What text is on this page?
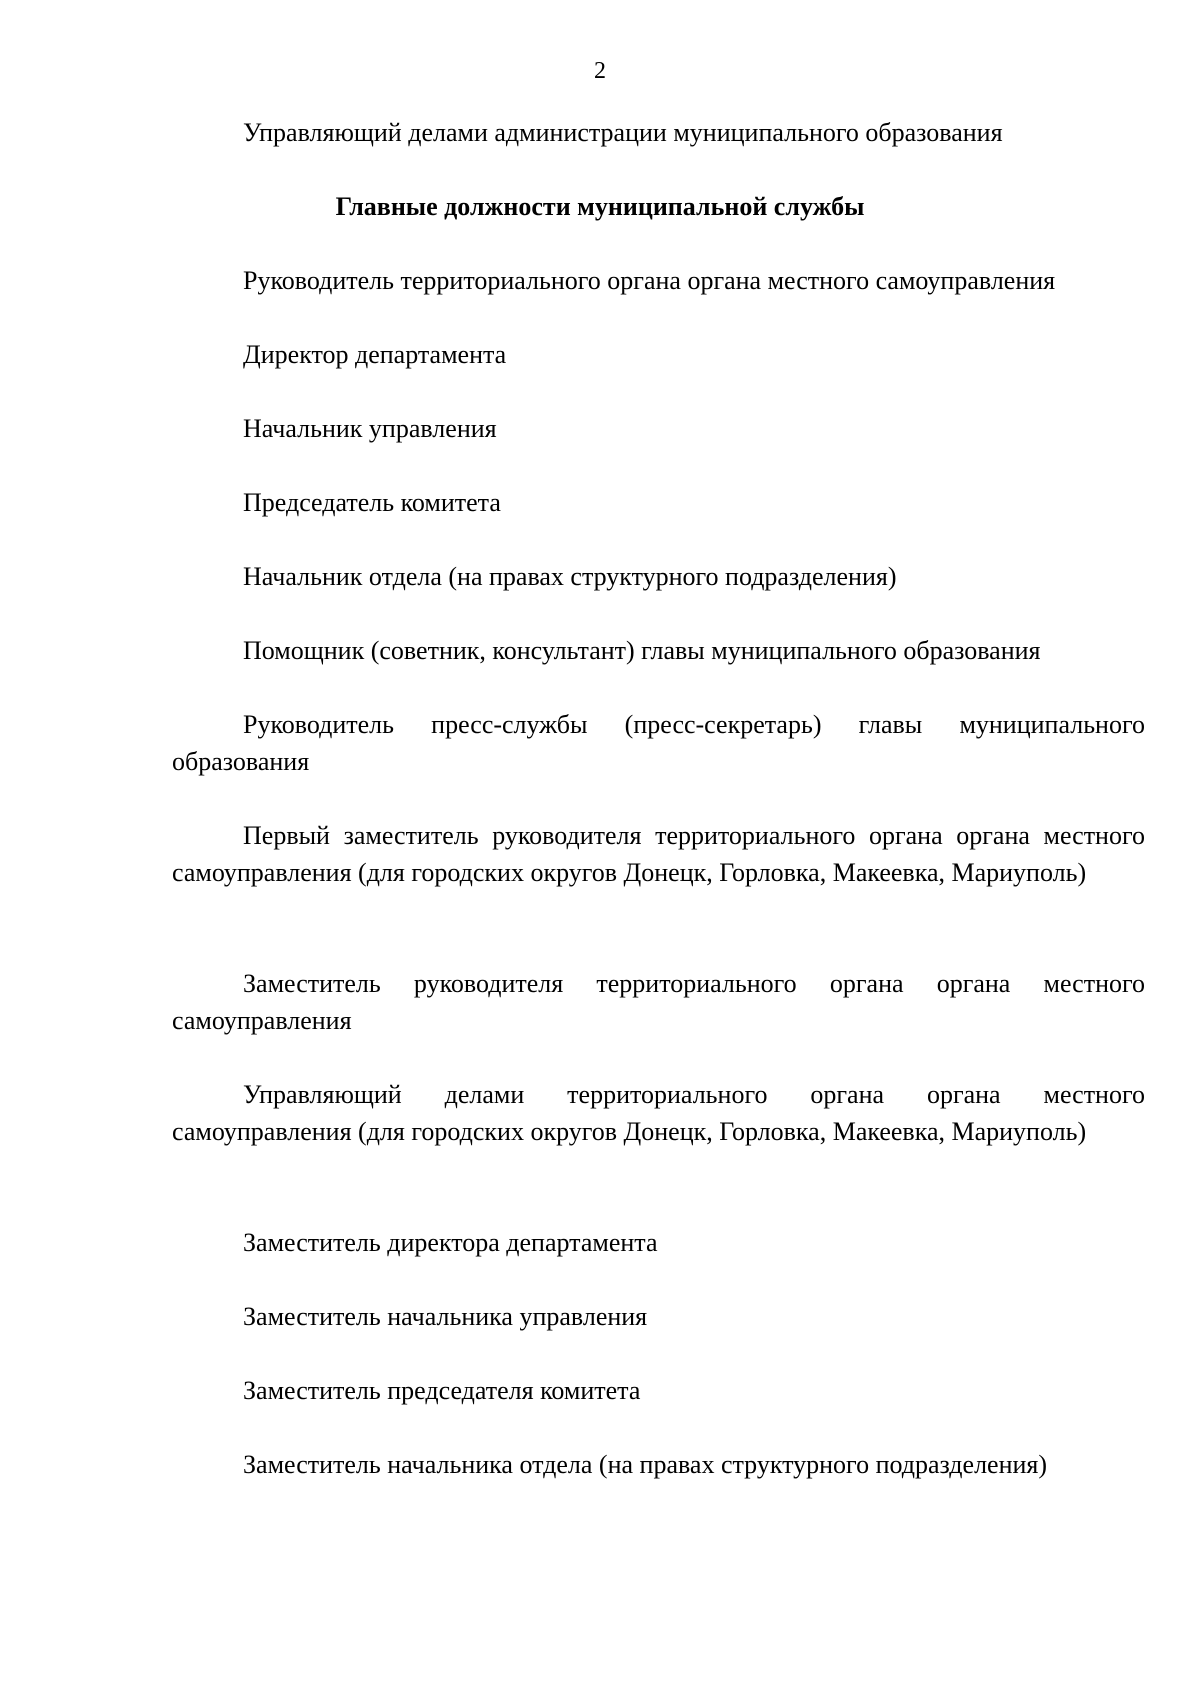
2

Управляющий делами администрации муниципального образования

Главные должности муниципальной службы

Руководитель территориального органа органа местного самоуправления

Директор департамента

Начальник управления

Председатель комитета

Начальник отдела (на правах структурного подразделения)

Помощник (советник, консультант) главы муниципального образования

Руководитель пресс-службы (пресс-секретарь) главы муниципального образования

Первый заместитель руководителя территориального органа органа местного самоуправления (для городских округов Донецк, Горловка, Макеевка, Мариуполь)

Заместитель руководителя территориального органа органа местного самоуправления

Управляющий делами территориального органа органа местного самоуправления (для городских округов Донецк, Горловка, Макеевка, Мариуполь)

Заместитель директора департамента

Заместитель начальника управления

Заместитель председателя комитета

Заместитель начальника отдела (на правах структурного подразделения)
